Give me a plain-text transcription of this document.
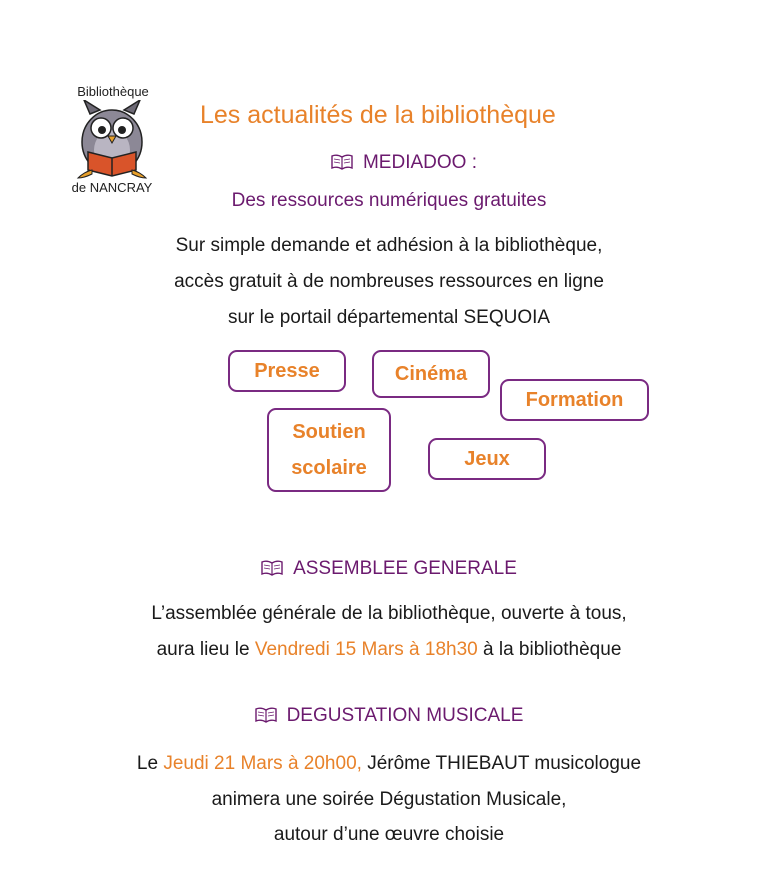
Bibliothèque
de NANCRAY
Les actualités de la bibliothèque
MEDIADOO :
Des ressources numériques gratuites
Sur simple demande et adhésion à la bibliothèque,
accès gratuit à de nombreuses ressources en ligne
sur le portail départemental SEQUOIA
Presse	Cinéma
Formation
Soutien
scolaire	Jeux
ASSEMBLEE GENERALE
L’assemblée générale de la bibliothèque, ouverte à tous,
aura lieu le Vendredi 15 Mars à 18h30 à la bibliothèque
DEGUSTATION MUSICALE
Le Jeudi 21 Mars à 20h00, Jérôme THIEBAUT musicologue
animera une soirée Dégustation Musicale,
autour d’une œuvre choisie
